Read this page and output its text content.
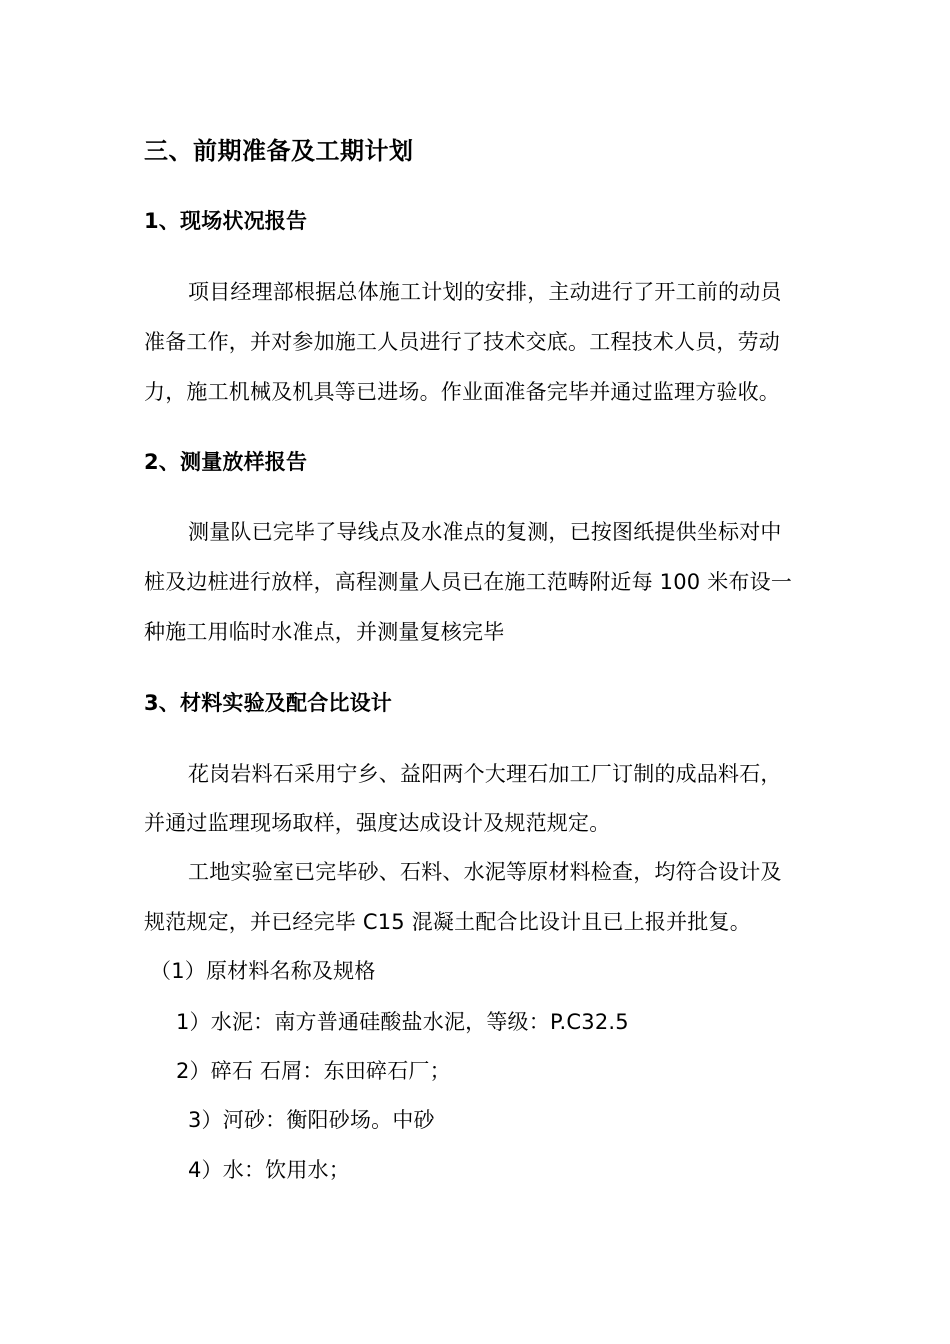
三、前期准备及工期计划
1、现场状况报告
项目经理部根据总体施工计划的安排，主动进行了开工前的动员
准备工作，并对参加施工人员进行了技术交底。工程技术人员，劳动
力，施工机械及机具等已进场。作业面准备完毕并通过监理方验收。
2、测量放样报告
测量队已完毕了导线点及水准点的复测，已按图纸提供坐标对中
桩及边桩进行放样，高程测量人员已在施工范畴附近每 100 米布设一
种施工用临时水准点，并测量复核完毕
3、材料实验及配合比设计
花岗岩料石采用宁乡、益阳两个大理石加工厂订制的成品料石，
并通过监理现场取样，强度达成设计及规范规定。
工地实验室已完毕砂、石料、水泥等原材料检查，均符合设计及
规范规定，并已经完毕 C15 混凝土配合比设计且已上报并批复。
（1）原材料名称及规格
1）水泥：南方普通硅酸盐水泥，等级：P.C32.5
2）碎石 石屑：东田碎石厂；
3）河砂：衡阳砂场。中砂
4）水：饮用水；
